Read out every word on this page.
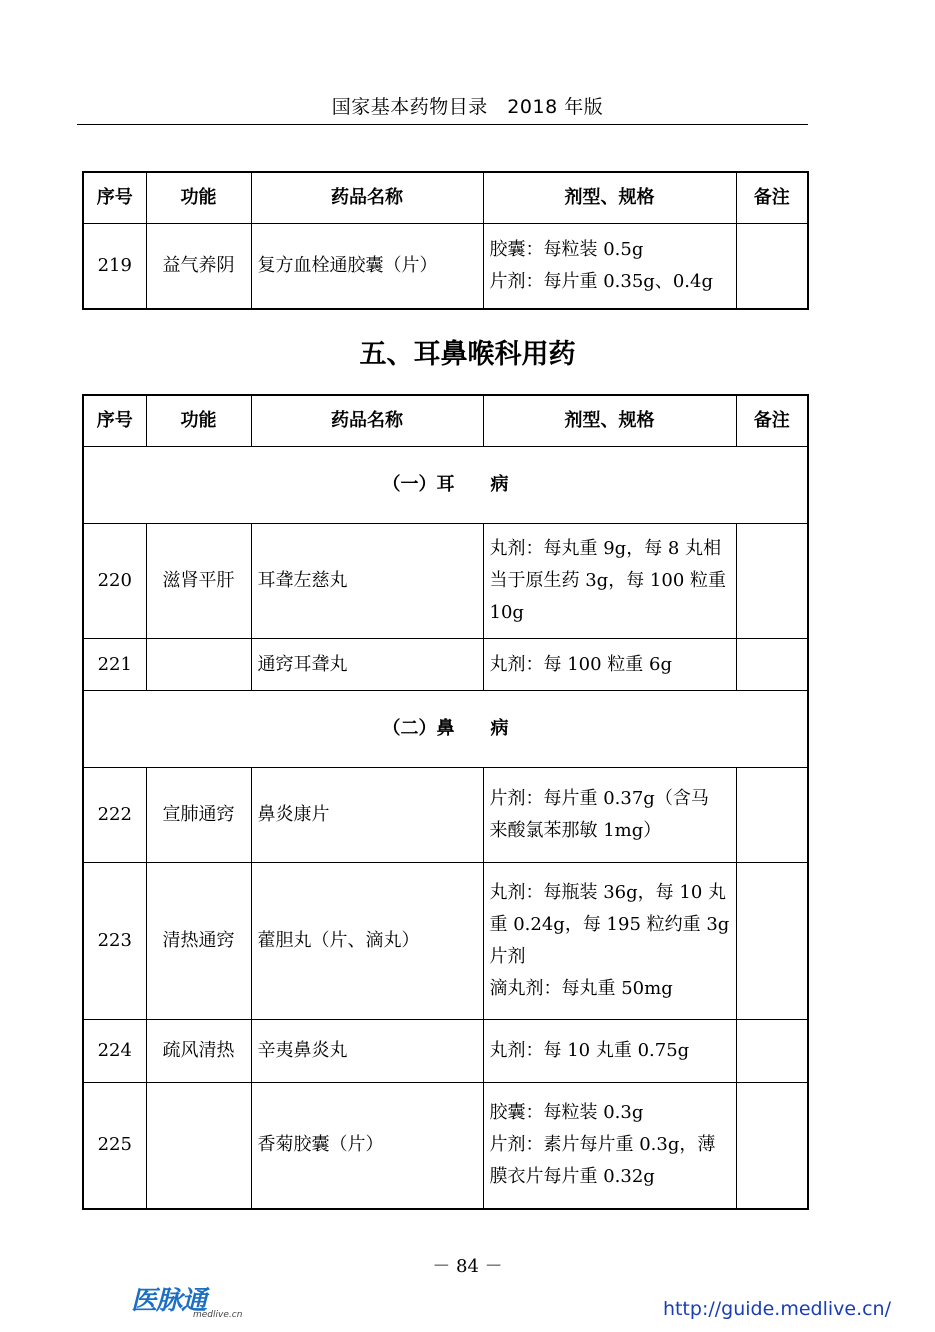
国家基本药物目录　2018 年版
序号	功能	药品名称	剂型、规格	备注
219	益气养阴	复方血栓通胶囊（片）	胶囊：每粒装 0.5g
片剂：每片重 0.35g、0.4g	

五、耳鼻喉科用药
序号	功能	药品名称	剂型、规格	备注
（一）耳　　病				
220	滋肾平肝	耳聋左慈丸	丸剂：每丸重 9g，每 8 丸相
当于原生药 3g，每 100 粒重
10g	

221		通窍耳聋丸	丸剂：每 100 粒重 6g	

（二）鼻　　病				
222	宣肺通窍	鼻炎康片	片剂：每片重 0.37g（含马
来酸氯苯那敏 1mg）	

223	清热通窍	藿胆丸（片、滴丸）	丸剂：每瓶装 36g，每 10 丸
重 0.24g，每 195 粒约重 3g
片剂
滴丸剂：每丸重 50mg	

224	疏风清热	辛夷鼻炎丸	丸剂：每 10 丸重 0.75g	

225		香菊胶囊（片）	胶囊：每粒装 0.3g
片剂：素片每片重 0.3g，薄
膜衣片每片重 0.32g	

－ 84 －
医脉通
medlive.cn	http://guide.medlive.cn/
